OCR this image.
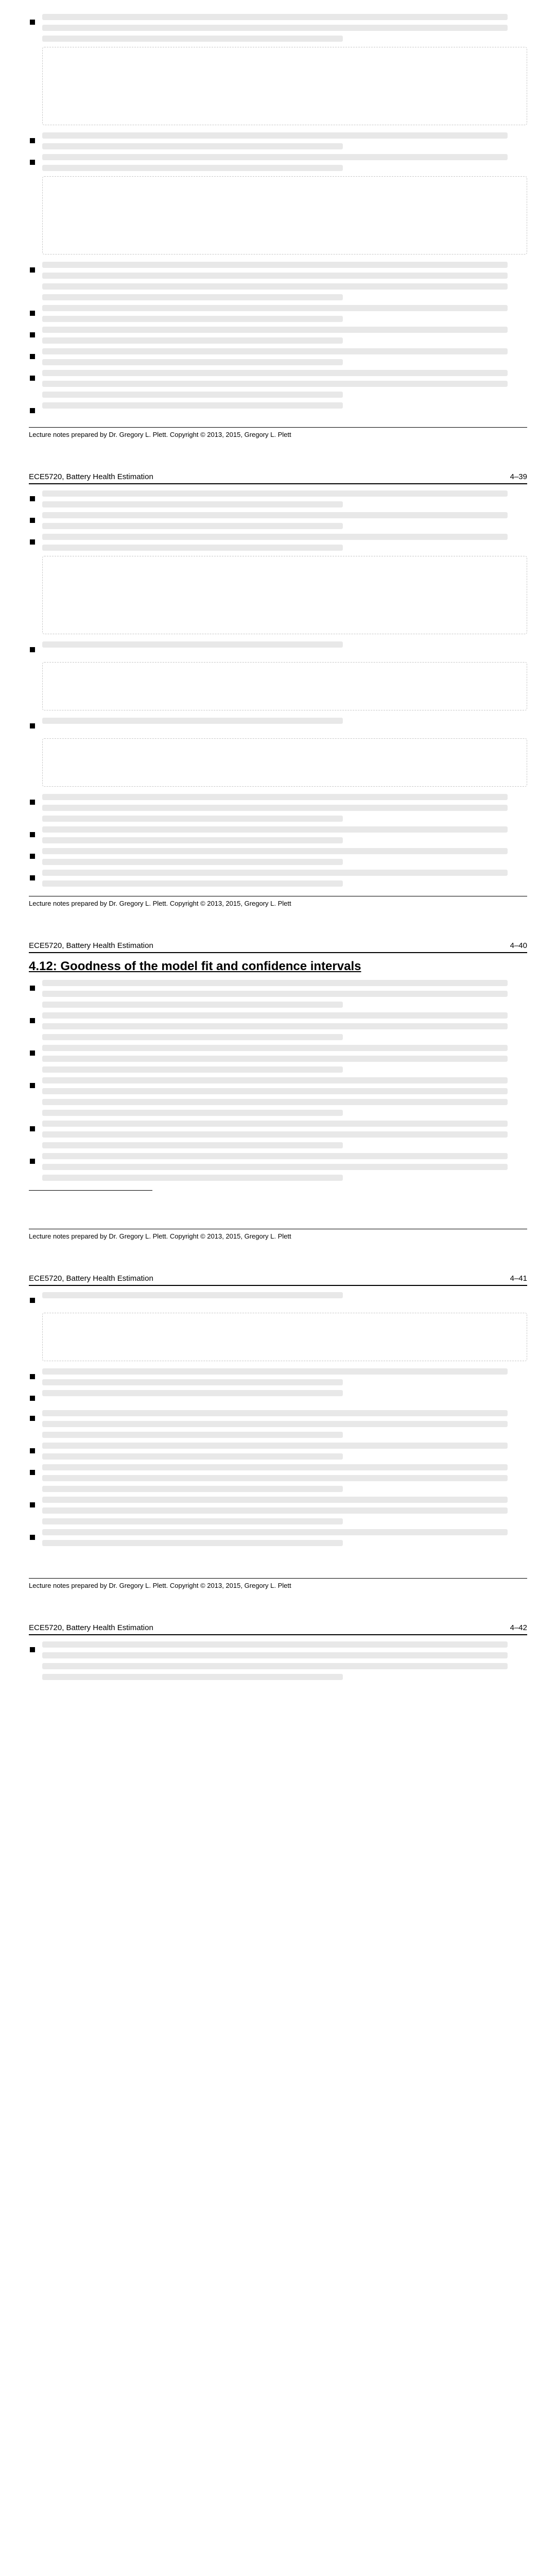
Lecture notes prepared by Dr. Gregory L. Plett. Copyright © 2013, 2015, Gregory L. Plett
ECE5720, Battery Health Estimation	4–39
Lecture notes prepared by Dr. Gregory L. Plett. Copyright © 2013, 2015, Gregory L. Plett
ECE5720, Battery Health Estimation	4–40
4.12: Goodness of the model fit and confidence intervals
Lecture notes prepared by Dr. Gregory L. Plett. Copyright © 2013, 2015, Gregory L. Plett
ECE5720, Battery Health Estimation	4–41
Lecture notes prepared by Dr. Gregory L. Plett. Copyright © 2013, 2015, Gregory L. Plett
ECE5720, Battery Health Estimation	4–42
